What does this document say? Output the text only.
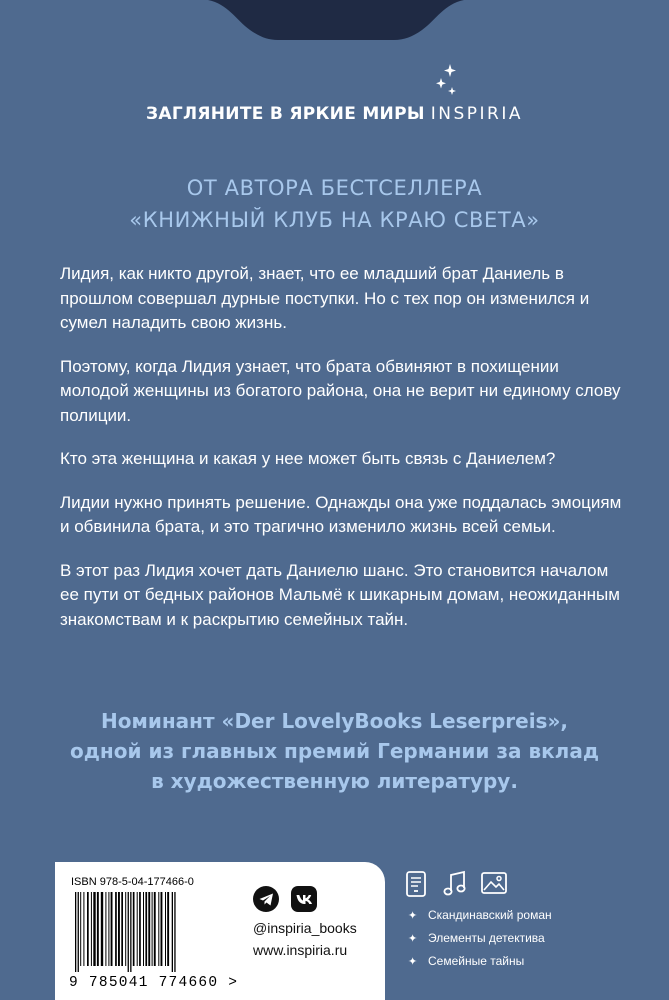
ЗАГЛЯНИТЕ В ЯРКИЕ МИРЫ INSPIRIA
ОТ АВТОРА БЕСТСЕЛЛЕРА
«КНИЖНЫЙ КЛУБ НА КРАЮ СВЕТА»

Лидия, как никто другой, знает, что ее младший брат Даниель в прошлом совершал дурные поступки. Но с тех пор он изменился и сумел наладить свою жизнь.

Поэтому, когда Лидия узнает, что брата обвиняют в похищении молодой женщины из богатого района, она не верит ни единому слову полиции.

Кто эта женщина и какая у нее может быть связь с Даниелем?

Лидии нужно принять решение. Однажды она уже поддалась эмоциям и обвинила брата, и это трагично изменило жизнь всей семьи.

В этот раз Лидия хочет дать Даниелю шанс. Это становится началом ее пути от бедных районов Мальмё к шикарным домам, неожиданным знакомствам и к раскрытию семейных тайн.

Номинант «Der LovelyBooks Leserpreis»,
одной из главных премий Германии за вклад
в художественную литературу.
ISBN 978-5-04-177466-0
9 785041 774660 >
@inspiria_books
www.inspiria.ru
✦ Скандинавский роман
✦ Элементы детектива
✦ Семейные тайны
